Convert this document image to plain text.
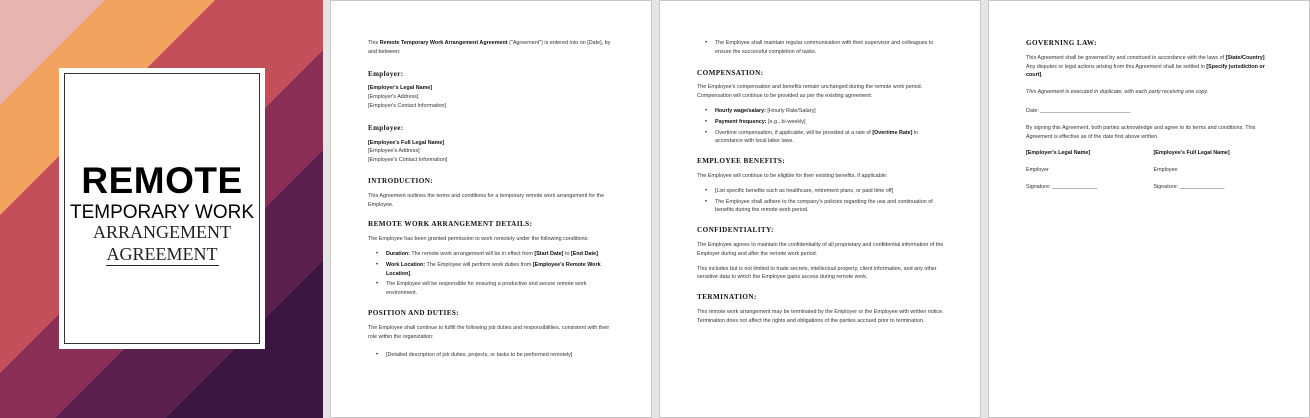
REMOTE
TEMPORARY WORK
ARRANGEMENT
AGREEMENT

This Remote Temporary Work Arrangement Agreement ("Agreement") is entered into on [Date], by and between:

Employer:

[Employer's Legal Name]
[Employer's Address]
[Employer's Contact Information]

Employee:

[Employee's Full Legal Name]
[Employee's Address]
[Employee's Contact Information]

INTRODUCTION:

This Agreement outlines the terms and conditions for a temporary remote work arrangement for the Employee.

REMOTE WORK ARRANGEMENT DETAILS:

The Employee has been granted permission to work remotely under the following conditions:

• Duration: The remote work arrangement will be in effect from [Start Date] to [End Date].
• Work Location: The Employee will perform work duties from [Employee's Remote Work Location].
• The Employee will be responsible for ensuring a productive and secure remote work environment.
POSITION AND DUTIES:

The Employee shall continue to fulfill the following job duties and responsibilities, consistent with their role within the organization:

• [Detailed description of job duties, projects, or tasks to be performed remotely]
• The Employee shall maintain regular communication with their supervisor and colleagues to ensure the successful completion of tasks.
COMPENSATION:

The Employee's compensation and benefits remain unchanged during the remote work period. Compensation will continue to be provided as per the existing agreement:

• Hourly wage/salary: [Hourly Rate/Salary]
• Payment frequency: [e.g., bi-weekly]
• Overtime compensation, if applicable, will be provided at a rate of [Overtime Rate] in accordance with local labor laws.
EMPLOYEE BENEFITS:

The Employee will continue to be eligible for their existing benefits, if applicable:

• [List specific benefits such as healthcare, retirement plans, or paid time off]
• The Employee shall adhere to the company's policies regarding the use and continuation of benefits during the remote work period.
CONFIDENTIALITY:

The Employee agrees to maintain the confidentiality of all proprietary and confidential information of the Employer during and after the remote work period.

This includes but is not limited to trade secrets, intellectual property, client information, and any other sensitive data to which the Employee gains access during remote work.

TERMINATION:

This remote work arrangement may be terminated by the Employer or the Employee with written notice. Termination does not affect the rights and obligations of the parties accrued prior to termination.

GOVERNING LAW:

This Agreement shall be governed by and construed in accordance with the laws of [State/Country]. Any disputes or legal actions arising from this Agreement shall be settled in [Specify jurisdiction or court].

This Agreement is executed in duplicate, with each party receiving one copy.

Date: ______________________________

By signing this Agreement, both parties acknowledge and agree to its terms and conditions. This Agreement is effective as of the date first above written.

[Employer's Legal Name]

Employer

Signature: _______________

[Employee's Full Legal Name]

Employee

Signature: _______________
